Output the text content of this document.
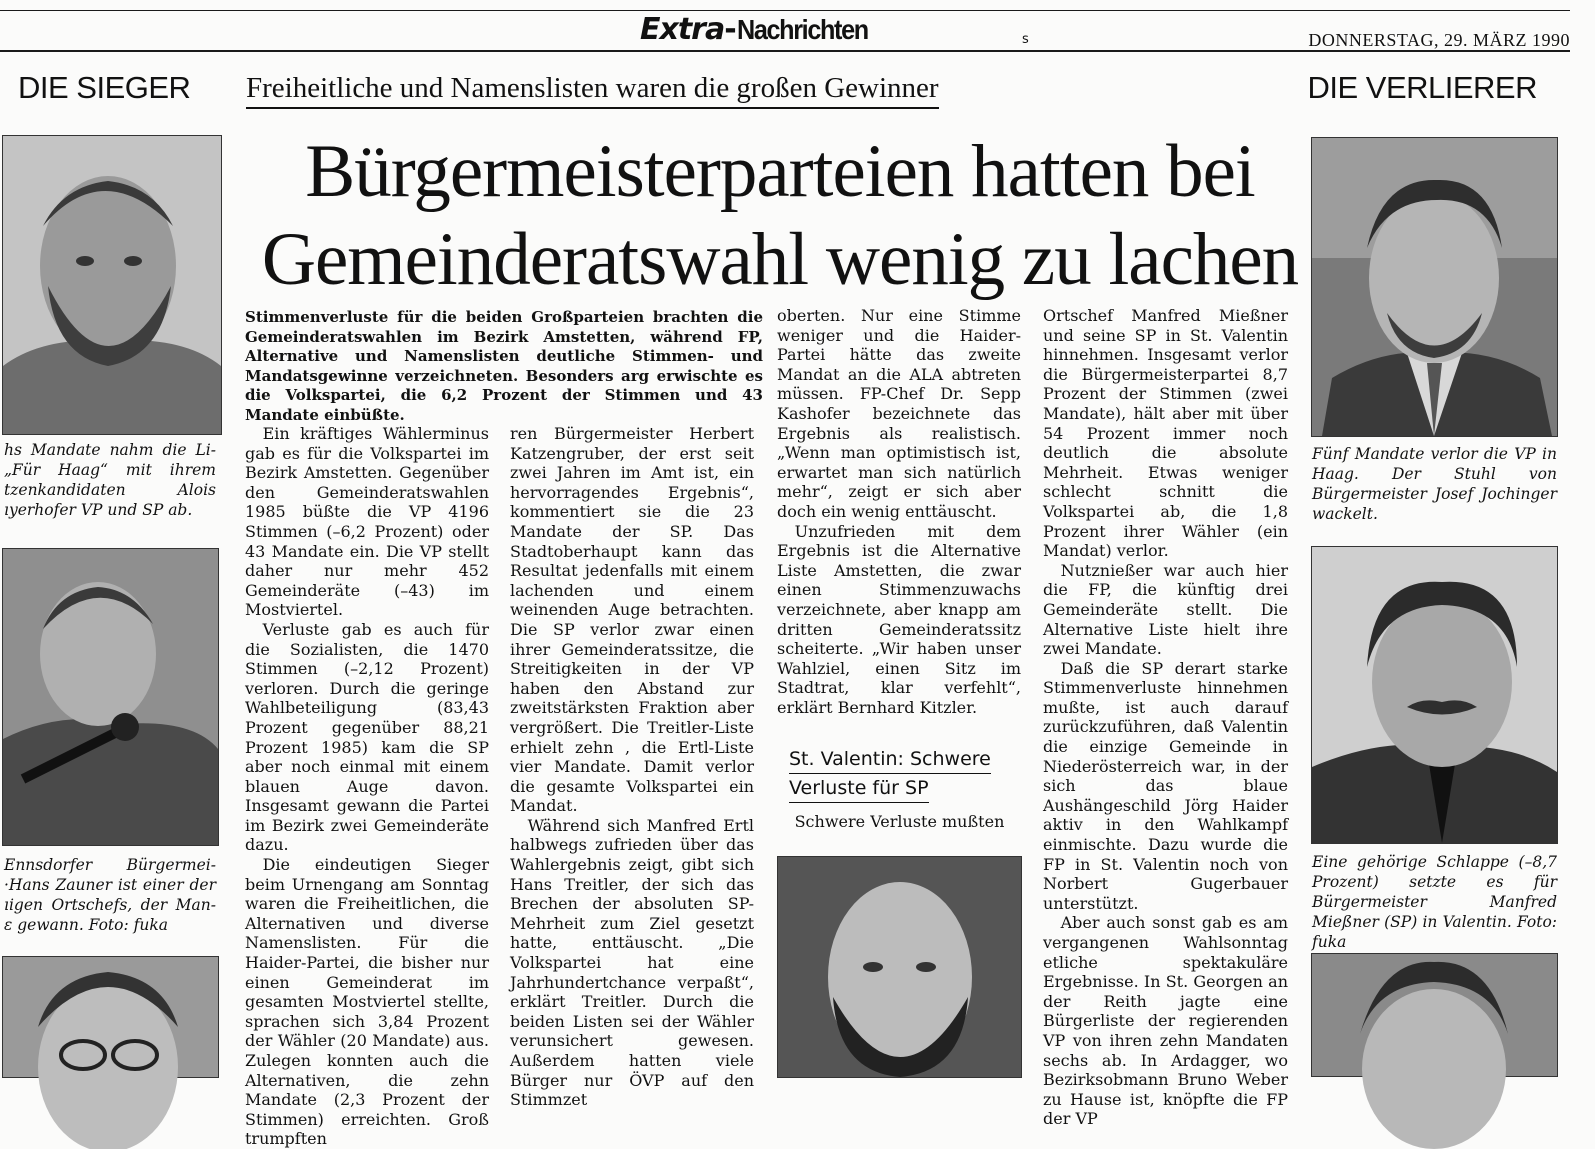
Extra - Nachrichten	s	DONNERSTAG, 29. MÄRZ 1990
DIE SIEGER	DIE VERLIERER
Freiheitliche und Namenslisten waren die großen Gewinner
Bürgermeisterparteien hatten bei
Gemeinderatswahl wenig zu lachen
hs Mandate nahm die Li- „Für Haag“ mit ihrem tzenkandidaten Alois ıyerhofer VP und SP ab.
Ennsdorfer Bürgermei- ·Hans Zauner ist einer der ıigen Ortschefs, der Man- ɛ gewann. Foto: fuka
Fünf Mandate verlor die VP in Haag. Der Stuhl von Bürgermeister Josef Jochinger wackelt.
Eine gehörige Schlappe (–8,7 Prozent) setzte es für Bürgermeister Manfred Mießner (SP) in Valentin. Foto: fuka
Stimmenverluste für die beiden Großparteien brachten die Gemeinderatswahlen im Bezirk Amstetten, während FP, Alternative und Namenslisten deutliche Stimmen- und Mandatsgewinne verzeichneten. Besonders arg erwischte es die Volkspartei, die 6,2 Prozent der Stimmen und 43 Mandate einbüßte.

Ein kräftiges Wählerminus gab es für die Volkspartei im Bezirk Amstetten. Gegenüber den Gemeinderatswahlen 1985 büßte die VP 4196 Stimmen (–6,2 Prozent) oder 43 Mandate ein. Die VP stellt daher nur mehr 452 Gemeinderäte (–43) im Mostviertel.

Verluste gab es auch für die Sozialisten, die 1470 Stimmen (–2,12 Prozent) verloren. Durch die geringe Wahlbeteiligung (83,43 Prozent gegenüber 88,21 Prozent 1985) kam die SP aber noch einmal mit einem blauen Auge davon. Insgesamt gewann die Partei im Bezirk zwei Gemeinderäte dazu.

Die eindeutigen Sieger beim Urnengang am Sonntag waren die Freiheitlichen, die Alternativen und diverse Namenslisten. Für die Haider-Partei, die bisher nur einen Gemeinderat im gesamten Mostviertel stellte, sprachen sich 3,84 Prozent der Wähler (20 Mandate) aus. Zulegen konnten auch die Alternativen, die zehn Mandate (2,3 Prozent der Stimmen) erreichten. Groß trumpften

ren Bürgermeister Herbert Katzengruber, der erst seit zwei Jahren im Amt ist, ein hervorragendes Ergebnis“, kommentiert sie die 23 Mandate der SP. Das Stadtoberhaupt kann das Resultat jedenfalls mit einem lachenden und einem weinenden Auge betrachten. Die SP verlor zwar einen ihrer Gemeinderatssitze, die Streitigkeiten in der VP haben den Abstand zur zweitstärksten Fraktion aber vergrößert. Die Treitler-Liste erhielt zehn , die Ertl-Liste vier Mandate. Damit verlor die gesamte Volkspartei ein Mandat.

Während sich Manfred Ertl halbwegs zufrieden über das Wahlergebnis zeigt, gibt sich Hans Treitler, der sich das Brechen der absoluten SP-Mehrheit zum Ziel gesetzt hatte, enttäuscht. „Die Volkspartei hat eine Jahrhundertchance verpaßt“, erklärt Treitler. Durch die beiden Listen sei der Wähler verunsichert gewesen. Außerdem hatten viele Bürger nur ÖVP auf den Stimmzet

oberten. Nur eine Stimme weniger und die Haider-Partei hätte das zweite Mandat an die ALA abtreten müssen. FP-Chef Dr. Sepp Kashofer bezeichnete das Ergebnis als realistisch. „Wenn man optimistisch ist, erwartet man sich natürlich mehr“, zeigt er sich aber doch ein wenig enttäuscht.

Unzufrieden mit dem Ergebnis ist die Alternative Liste Amstetten, die zwar einen Stimmenzuwachs verzeichnete, aber knapp am dritten Gemeinderatssitz scheiterte. „Wir haben unser Wahlziel, einen Sitz im Stadtrat, klar verfehlt“, erklärt Bernhard Kitzler.

St. Valentin: Schwere
Verluste für SP

Schwere Verluste mußten

Ortschef Manfred Mießner und seine SP in St. Valentin hinnehmen. Insgesamt verlor die Bürgermeisterpartei 8,7 Prozent der Stimmen (zwei Mandate), hält aber mit über 54 Prozent immer noch deutlich die absolute Mehrheit. Etwas weniger schlecht schnitt die Volkspartei ab, die 1,8 Prozent ihrer Wähler (ein Mandat) verlor.

Nutznießer war auch hier die FP, die künftig drei Gemeinderäte stellt. Die Alternative Liste hielt ihre zwei Mandate.

Daß die SP derart starke Stimmenverluste hinnehmen mußte, ist auch darauf zurückzuführen, daß Valentin die einzige Gemeinde in Niederösterreich war, in der sich das blaue Aushängeschild Jörg Haider aktiv in den Wahlkampf einmischte. Dazu wurde die FP in St. Valentin noch von Norbert Gugerbauer unterstützt.

Aber auch sonst gab es am vergangenen Wahlsonntag etliche spektakuläre Ergebnisse. In St. Georgen an der Reith jagte eine Bürgerliste der regierenden VP von ihren zehn Mandaten sechs ab. In Ardagger, wo Bezirksobmann Bruno Weber zu Hause ist, knöpfte die FP der VP
